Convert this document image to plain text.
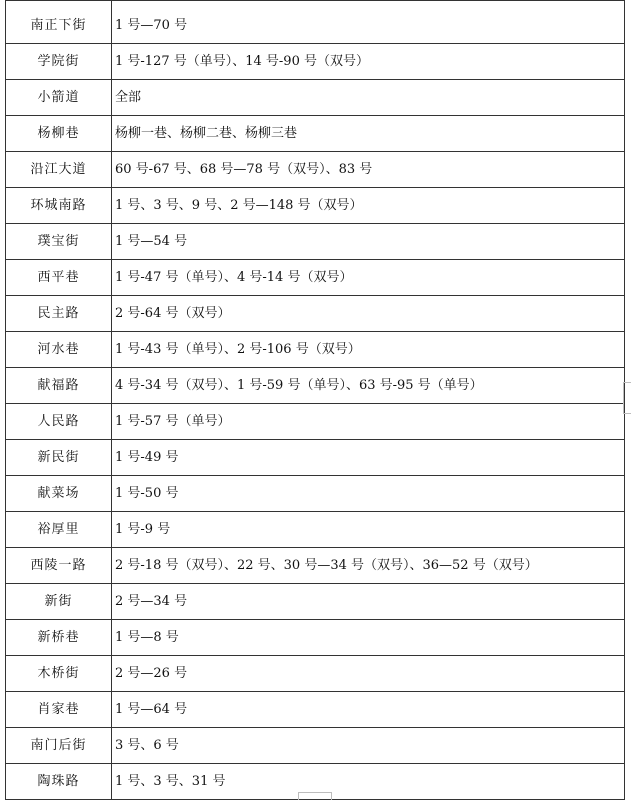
南正下街	1 号—70 号
学院街	1 号-127 号（单号）、14 号-90 号（双号）
小箭道	全部
杨柳巷	杨柳一巷、杨柳二巷、杨柳三巷
沿江大道	60 号-67 号、68 号—78 号（双号）、83 号
环城南路	1 号、3 号、9 号、2 号—148 号（双号）
璞宝街	1 号—54 号
西平巷	1 号-47 号（单号）、4 号-14 号（双号）
民主路	2 号-64 号（双号）
河水巷	1 号-43 号（单号）、2 号-106 号（双号）
献福路	4 号-34 号（双号）、1 号-59 号（单号）、63 号-95 号（单号）
人民路	1 号-57 号（单号）
新民街	1 号-49 号
献菜场	1 号-50 号
裕厚里	1 号-9 号
西陵一路	2 号-18 号（双号）、22 号、30 号—34 号（双号）、36—52 号（双号）
新街	2 号—34 号
新桥巷	1 号—8 号
木桥街	2 号—26 号
肖家巷	1 号—64 号
南门后街	3 号、6 号
陶珠路	1 号、3 号、31 号
